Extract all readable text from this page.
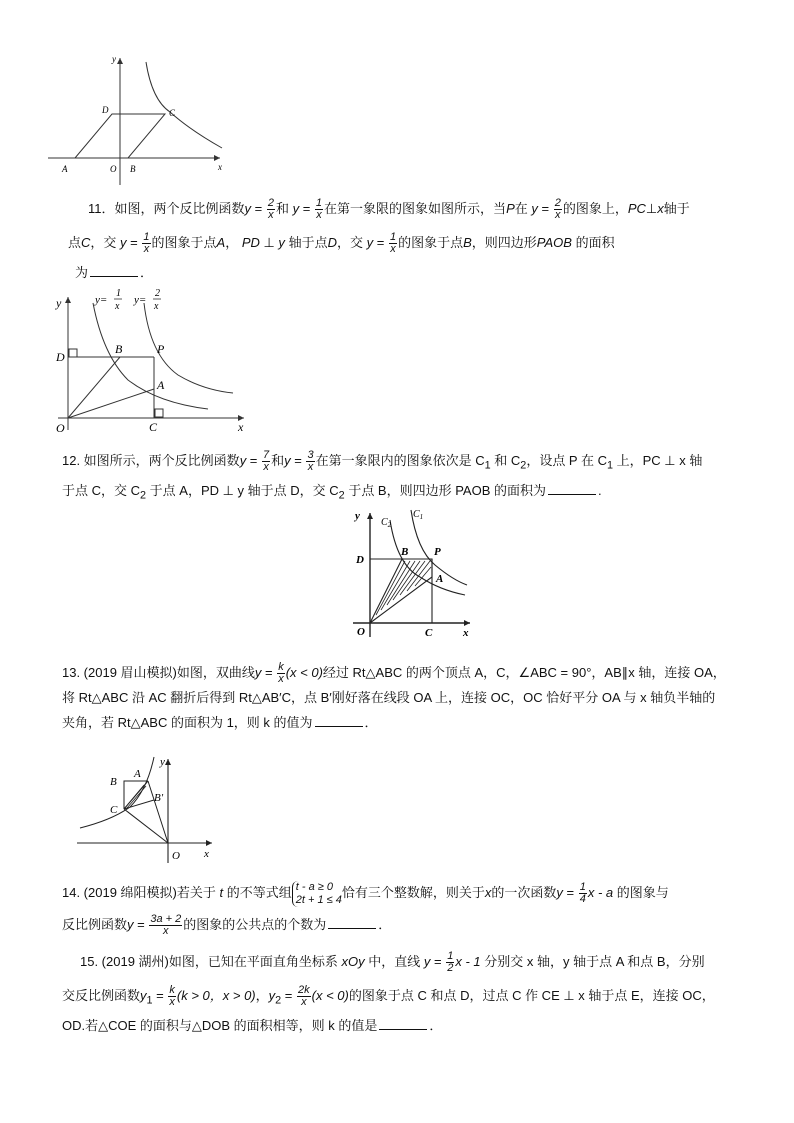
y
x
D	C
A	O B
11．如图，两个反比例函数$y = \frac{2}{x}$ 和 $y = \frac{1}{x}$ 在第一象限的图象如图所示，当P在 $y = \frac{2}{x}$ 的图象上，PC⊥x轴于
点C，交 $y = \frac{1}{x}$ 的图象于点A， PD ⊥ y 轴于点D，交 $y = \frac{1}{x}$ 的图象于点B，则四边形PAOB 的面积
为	．
y
x
O	C
D
B	P
A
y=
1
x
y=
2
x
12. 如图所示，两个反比例函数$y = \frac{7}{x}$ 和$y = \frac{3}{x}$ 在第一象限内的图象依次是 $C_1$ 和 $C_2$，设点 P 在 $C_1$ 上，PC ⊥ x 轴
于点 C，交 $C_2$ 于点 A，PD ⊥ y 轴于点 D，交 $C_2$ 于点 B，则四边形 PAOB 的面积为	.
y
x
O	C
D
B P
A
$C_2$
$C_1$
13. (2019 眉山模拟)如图，双曲线$y = \frac{k}{x} (x < 0)$经过 Rt△ABC 的两个顶点 A，C，∠ABC = 90°，AB∥x 轴，连接 OA，
将 Rt△ABC 沿 AC 翻折后得到 Rt△AB′C，点 B′刚好落在线段 OA 上，连接 OC，OC 恰好平分 OA 与 x 轴负半轴的
夹角，若 Rt△ABC 的面积为 1，则 k 的值为	．
y
x
O
A
B
C
B′
14. (2019 绵阳模拟)若关于 t 的不等式组 t - a ≥ 0
2t + 1 ≤ 4恰有三个整数解，则关于x的一次函数$y = \frac{1}{4}$ x - a 的图象与
反比例函数$y = \frac{3a + 2}{x}$ 的图象的公共点的个数为	．
15. (2019 湖州)如图，已知在平面直角坐标系 xOy 中，直线 $y = \frac{1}{2}$ x - 1 分别交 x 轴，y 轴于点 A 和点 B，分别
交反比例函数$y_1 = \frac{k}{x} (k > 0$，x > 0)，$y_2 = \frac{2k}{x} (x < 0)$的图象于点 C 和点 D，过点 C 作 CE ⊥ x 轴于点 E，连接 OC，
OD.若△COE 的面积与△DOB 的面积相等，则 k 的值是	．
